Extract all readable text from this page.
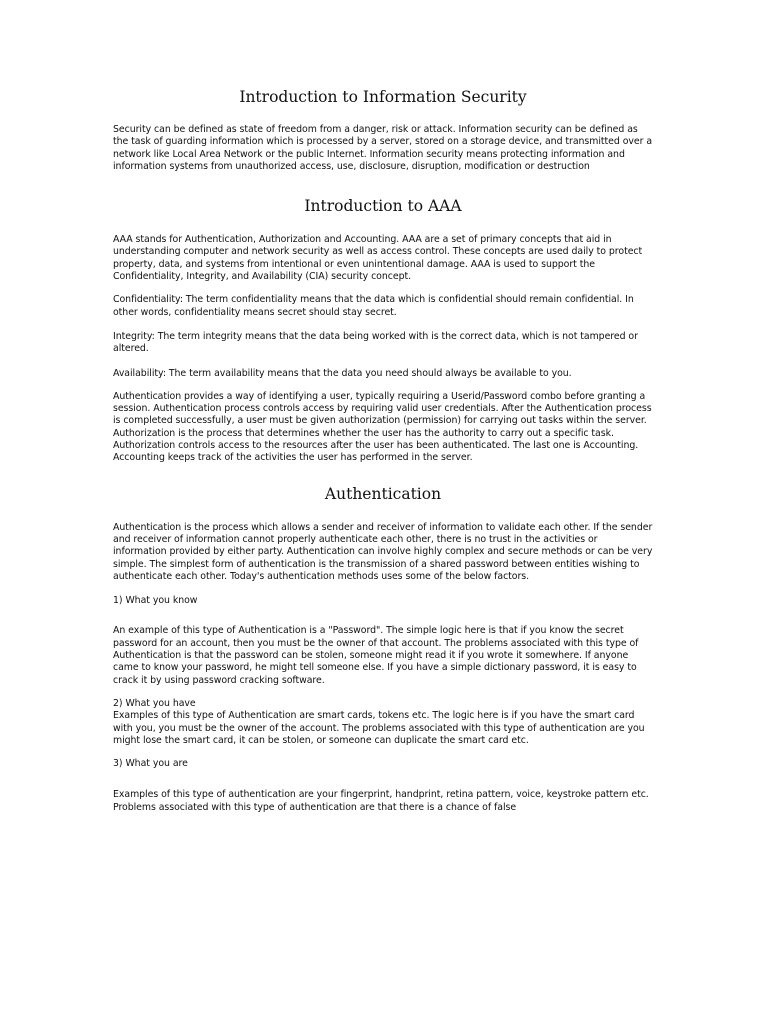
Introduction to Information Security

Security can be defined as state of freedom from a danger, risk or attack. Information security can be defined as the task of guarding information which is processed by a server, stored on a storage device, and transmitted over a network like Local Area Network or the public Internet. Information security means protecting information and information systems from unauthorized access, use, disclosure, disruption, modification or destruction

Introduction to AAA

AAA stands for Authentication, Authorization and Accounting. AAA are a set of primary concepts that aid in understanding computer and network security as well as access control. These concepts are used daily to protect property, data, and systems from intentional or even unintentional damage. AAA is used to support the Confidentiality, Integrity, and Availability (CIA) security concept.

Confidentiality: The term confidentiality means that the data which is confidential should remain confidential. In other words, confidentiality means secret should stay secret.

Integrity: The term integrity means that the data being worked with is the correct data, which is not tampered or altered.

Availability: The term availability means that the data you need should always be available to you.

Authentication provides a way of identifying a user, typically requiring a Userid/Password combo before granting a session. Authentication process controls access by requiring valid user credentials. After the Authentication process is completed successfully, a user must be given authorization (permission) for carrying out tasks within the server. Authorization is the process that determines whether the user has the authority to carry out a specific task. Authorization controls access to the resources after the user has been authenticated. The last one is Accounting. Accounting keeps track of the activities the user has performed in the server.

Authentication

Authentication is the process which allows a sender and receiver of information to validate each other. If the sender and receiver of information cannot properly authenticate each other, there is no trust in the activities or information provided by either party. Authentication can involve highly complex and secure methods or can be very simple. The simplest form of authentication is the transmission of a shared password between entities wishing to authenticate each other. Today's authentication methods uses some of the below factors.

1) What you know

An example of this type of Authentication is a "Password". The simple logic here is that if you know the secret password for an account, then you must be the owner of that account. The problems associated with this type of Authentication is that the password can be stolen, someone might read it if you wrote it somewhere. If anyone came to know your password, he might tell someone else. If you have a simple dictionary password, it is easy to crack it by using password cracking software.

2) What you have

Examples of this type of Authentication are smart cards, tokens etc. The logic here is if you have the smart card with you, you must be the owner of the account. The problems associated with this type of authentication are you might lose the smart card, it can be stolen, or someone can duplicate the smart card etc.

3) What you are

Examples of this type of authentication are your fingerprint, handprint, retina pattern, voice, keystroke pattern etc. Problems associated with this type of authentication are that there is a chance of false
